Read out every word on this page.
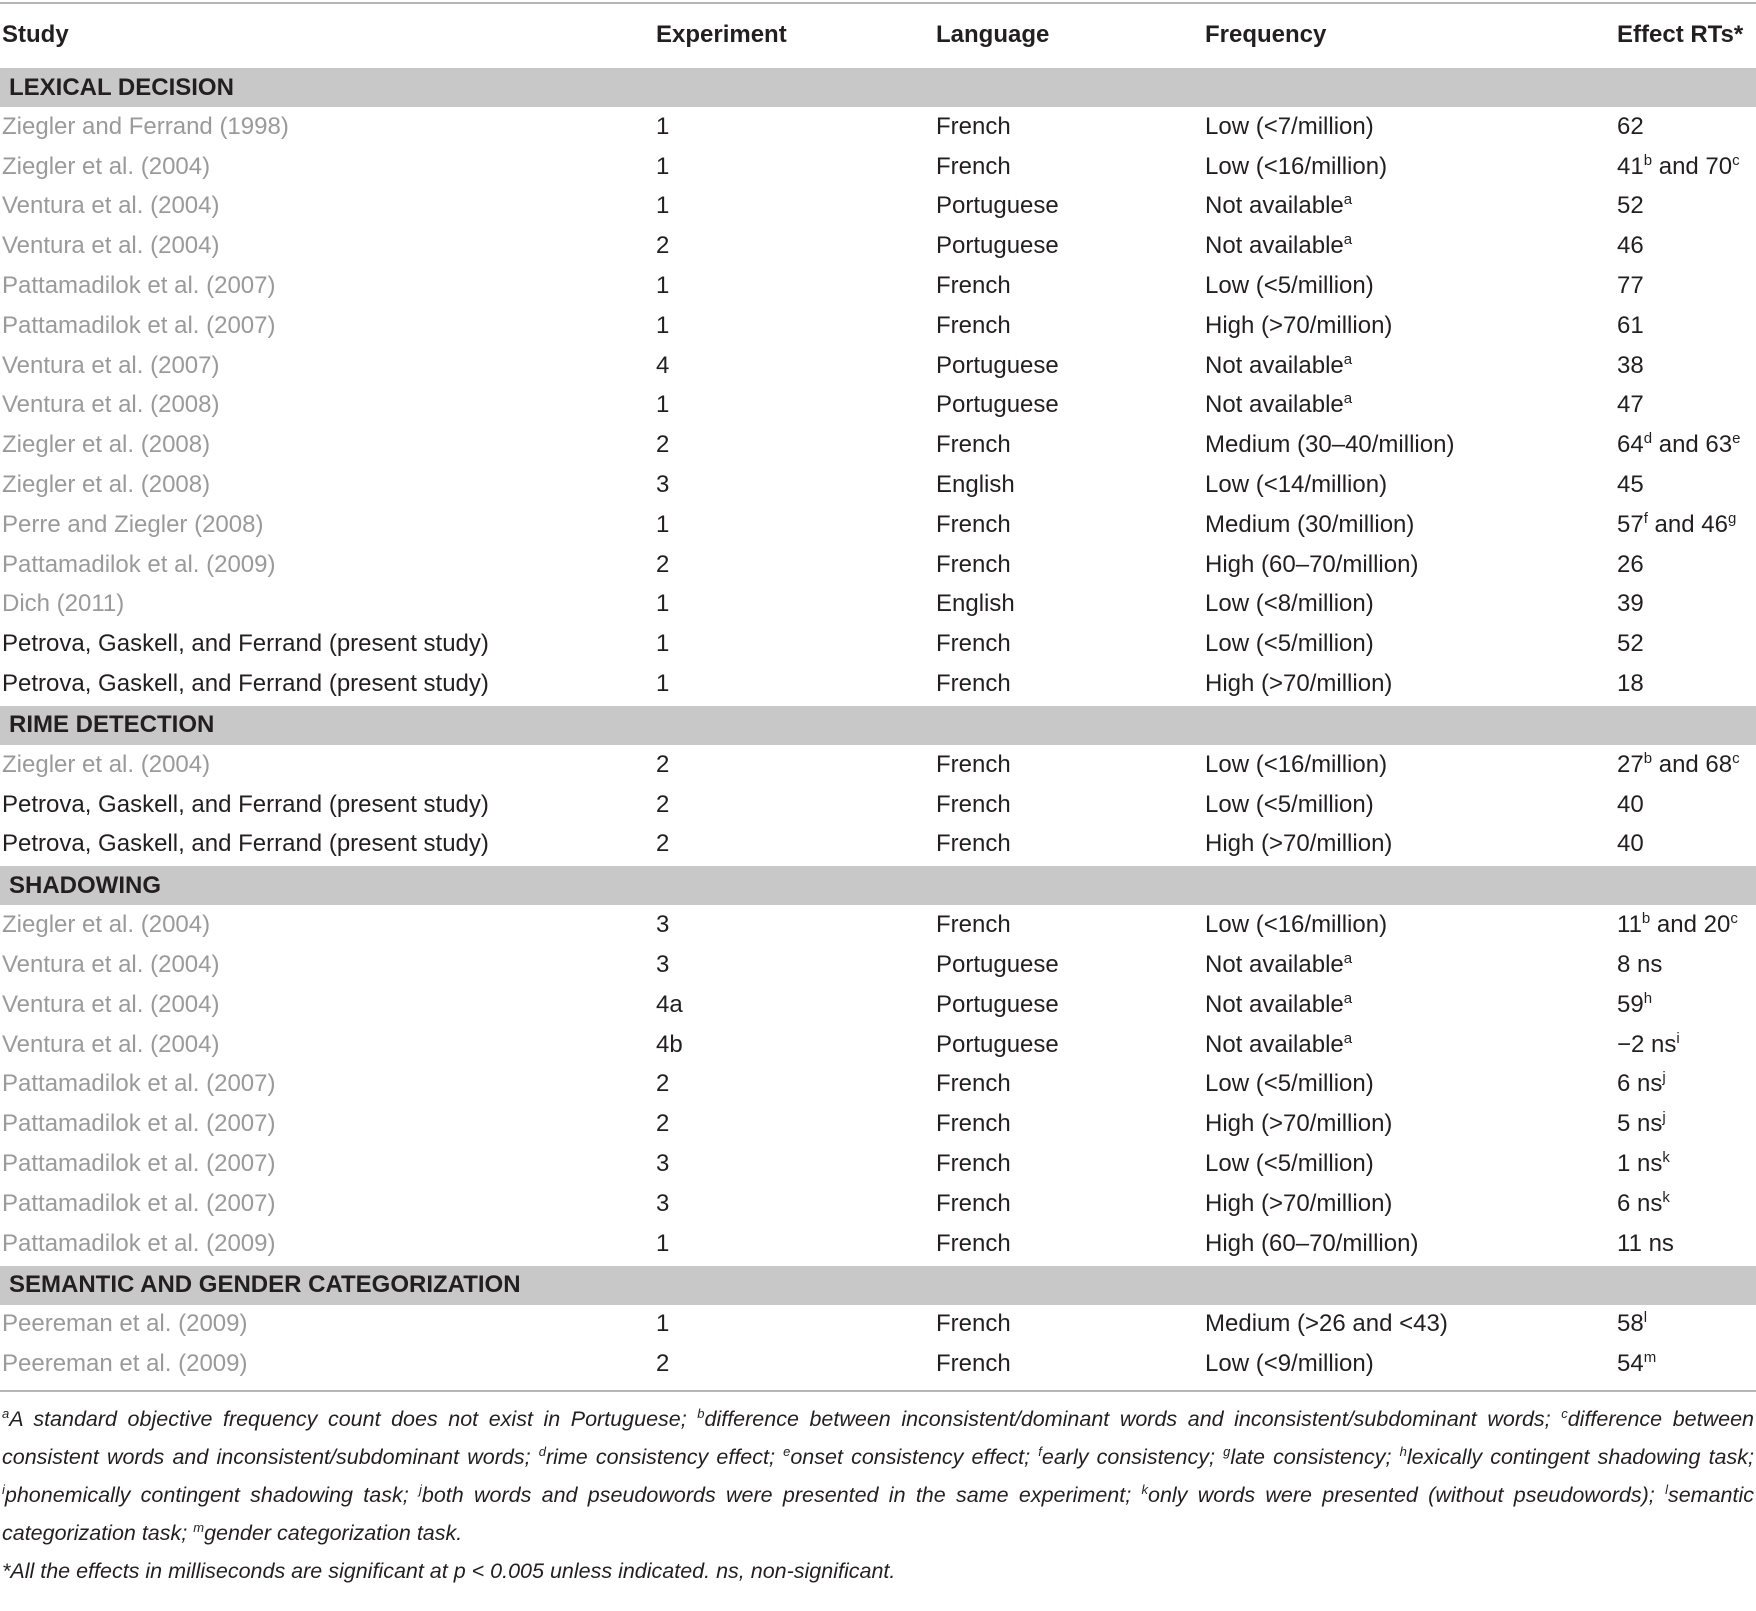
Study	Experiment	Language	Frequency	Effect RTs*
LEXICAL DECISION
Ziegler and Ferrand (1998)	1	French	Low (<7/million)	62
Ziegler et al. (2004)	1	French	Low (<16/million)	41$^b$ and 70$^c$
Ventura et al. (2004)	1	Portuguese	Not available$^a$	52
Ventura et al. (2004)	2	Portuguese	Not available$^a$	46
Pattamadilok et al. (2007)	1	French	Low (<5/million)	77
Pattamadilok et al. (2007)	1	French	High (>70/million)	61
Ventura et al. (2007)	4	Portuguese	Not available$^a$	38
Ventura et al. (2008)	1	Portuguese	Not available$^a$	47
Ziegler et al. (2008)	2	French	Medium (30–40/million)	64$^d$ and 63e
Ziegler et al. (2008)	3	English	Low (<14/million)	45
Perre and Ziegler (2008)	1	French	Medium (30/million)	57$^f$ and 46$^g$
Pattamadilok et al. (2009)	2	French	High (60–70/million)	26
Dich (2011)	1	English	Low (<8/million)	39
Petrova, Gaskell, and Ferrand (present study)	1	French	Low (<5/million)	52
Petrova, Gaskell, and Ferrand (present study)	1	French	High (>70/million)	18
RIME DETECTION
Ziegler et al. (2004)	2	French	Low (<16/million)	27$^b$ and 68$^c$
Petrova, Gaskell, and Ferrand (present study)	2	French	Low (<5/million)	40
Petrova, Gaskell, and Ferrand (present study)	2	French	High (>70/million)	40
SHADOWING
Ziegler et al. (2004)	3	French	Low (<16/million)	11$^b$ and 20$^c$
Ventura et al. (2004)	3	Portuguese	Not available$^a$	8 ns
Ventura et al. (2004)	4a	Portuguese	Not available$^a$	59$^h$
Ventura et al. (2004)	4b	Portuguese	Not available$^a$	−2 $ns^i$
Pattamadilok et al. (2007)	2	French	Low (<5/million)	6 $ns^j$
Pattamadilok et al. (2007)	2	French	High (>70/million)	5 $ns^j$
Pattamadilok et al. (2007)	3	French	Low (<5/million)	1 $ns^k$
Pattamadilok et al. (2007)	3	French	High (>70/million)	6 $ns^k$
Pattamadilok et al. (2009)	1	French	High (60–70/million)	11 ns
SEMANTIC AND GENDER CATEGORIZATION
Peereman et al. (2009)	1	French	Medium (>26 and <43)	58$^l$
Peereman et al. (2009)	2	French	Low (<9/million)	54$^m$
$^a$A standard objective frequency count does not exist in Portuguese; $^b$difference between inconsistent/dominant words and inconsistent/subdominant words; $^c$difference between consistent words and inconsistent/subdominant words; $^d$rime consistency effect; $^e$onset consistency effect; $^f$early consistency; $^g$late consistency; $^h$lexically contingent shadowing task; $^i$phonemically contingent shadowing task; $^j$both words and pseudowords were presented in the same experiment; $^k$only words were presented (without pseudowords); $^l$semantic categorization task; $^m$gender categorization task.
*All the effects in milliseconds are significant at p < 0.005 unless indicated. ns, non-significant.
